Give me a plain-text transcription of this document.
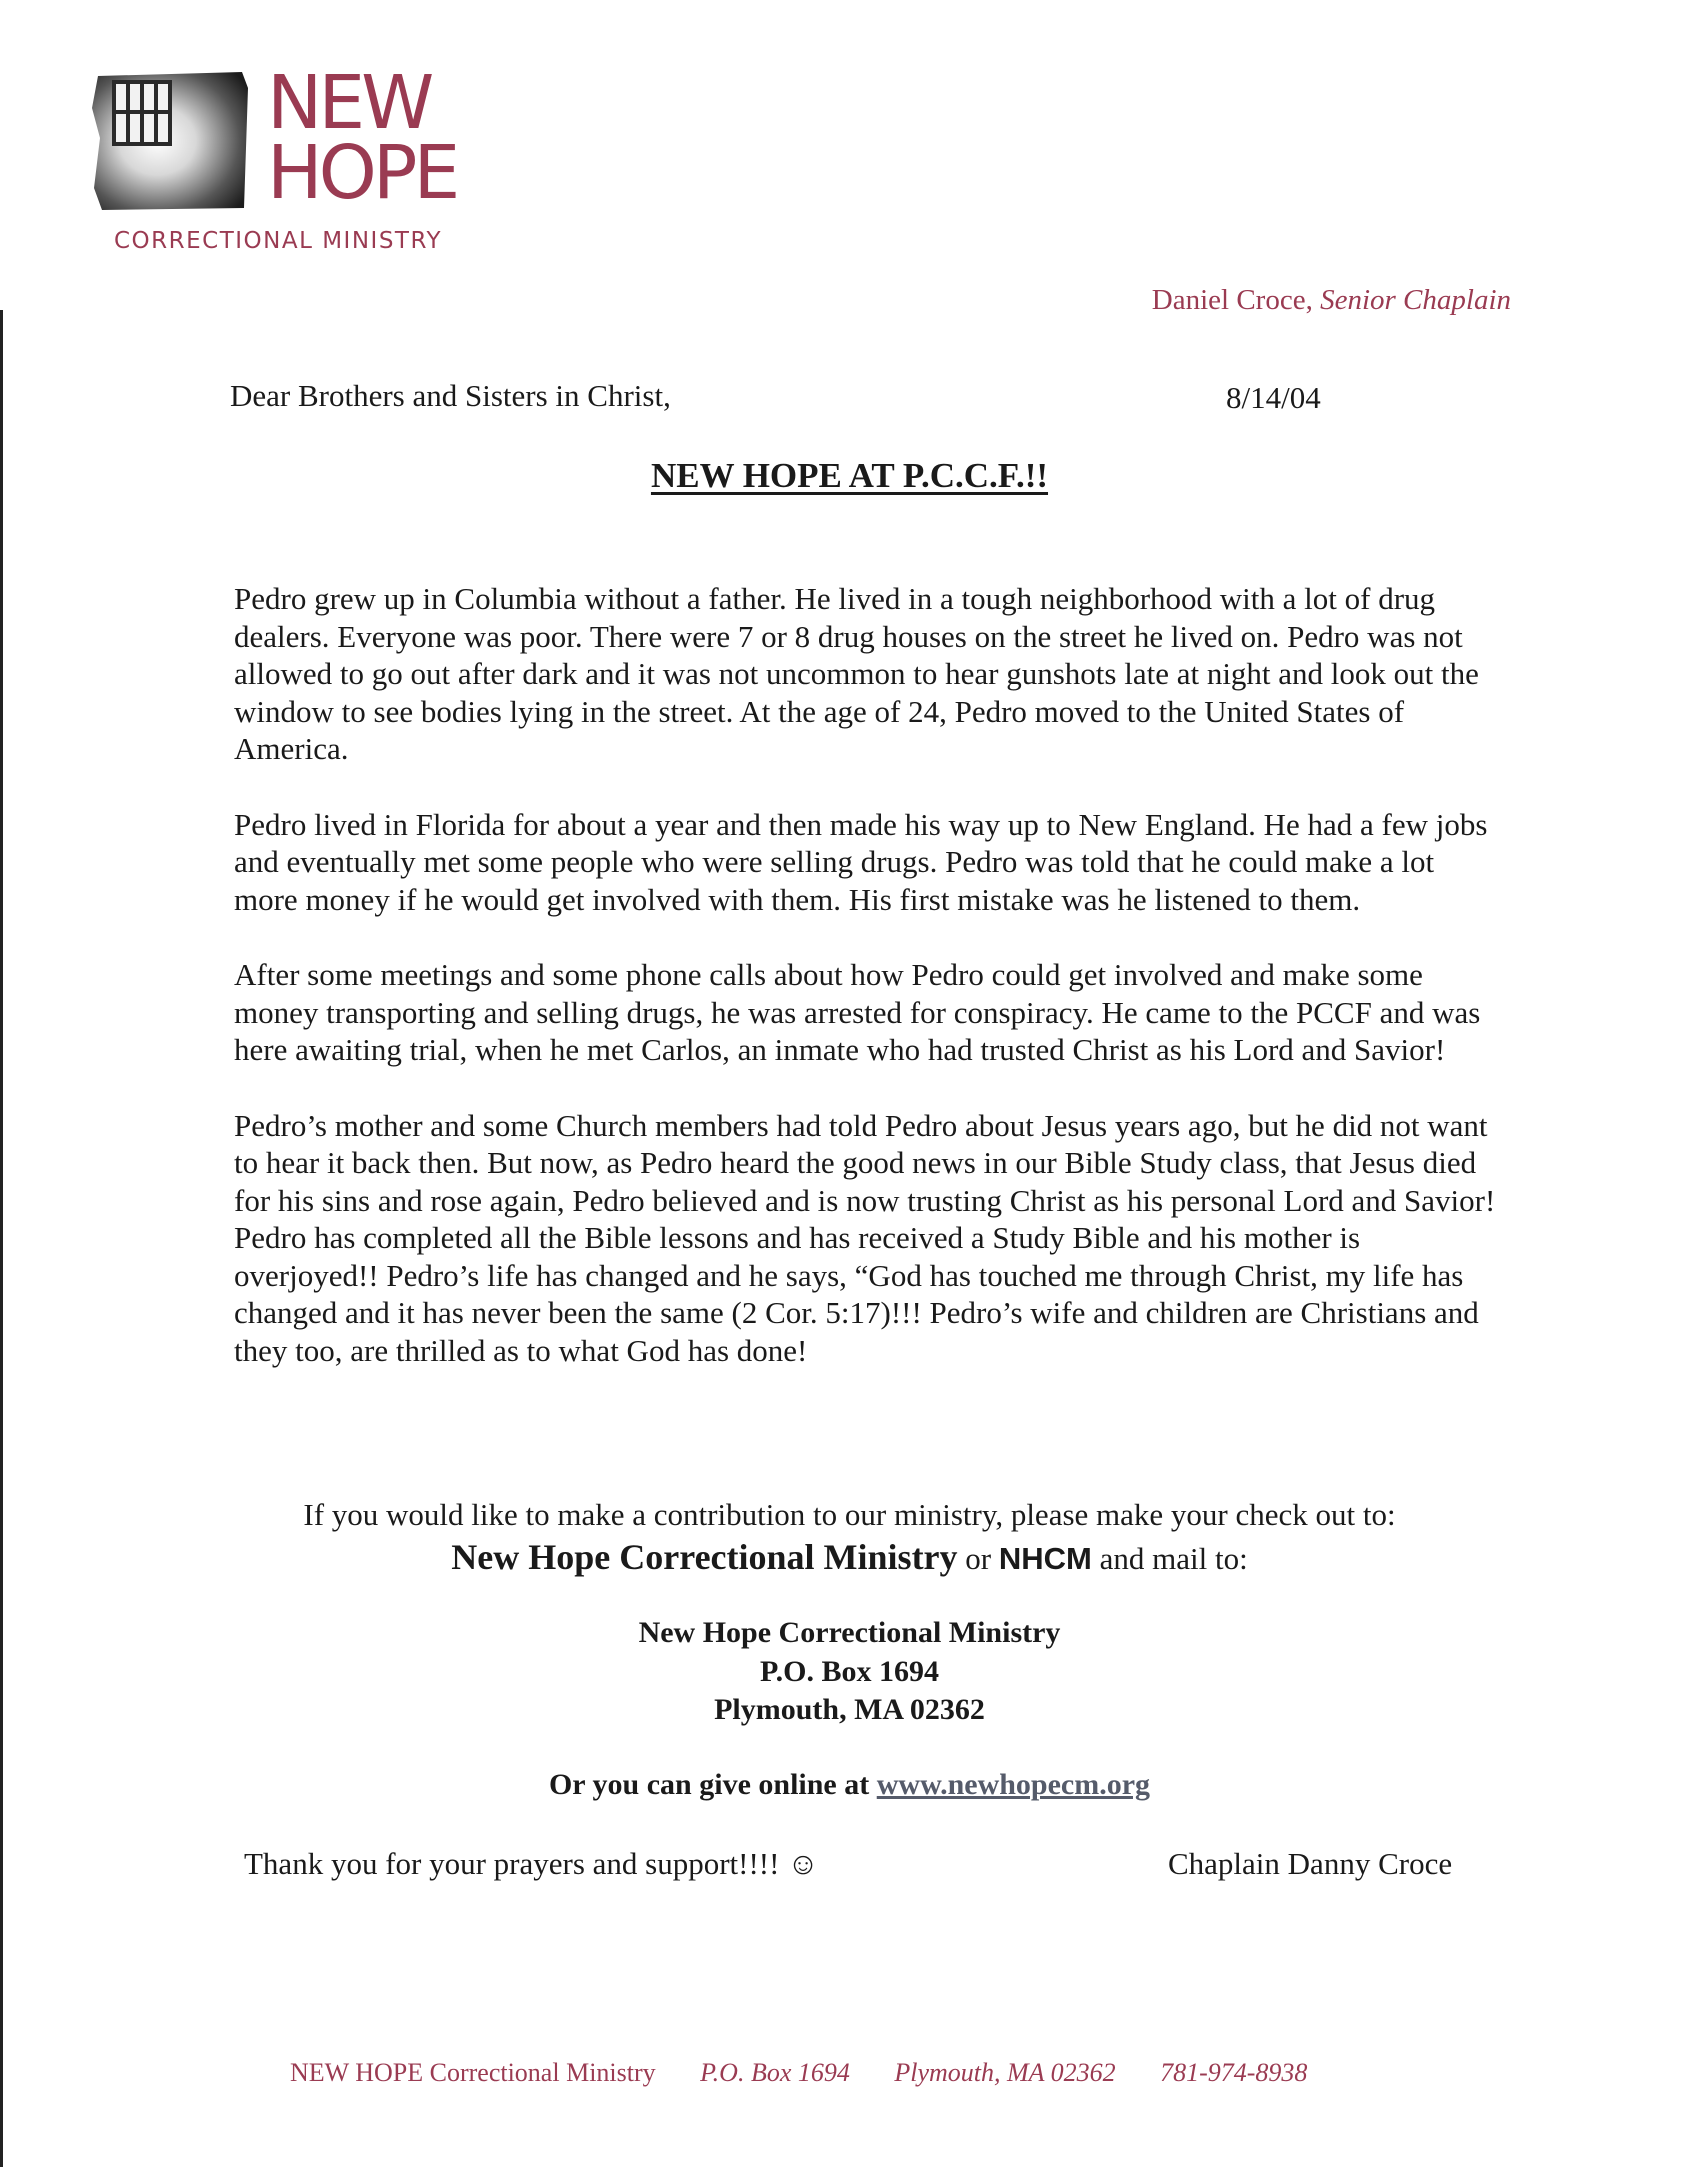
NEW
HOPE
CORRECTIONAL MINISTRY
Daniel Croce, Senior Chaplain
Dear Brothers and Sisters in Christ,	8/14/04
NEW HOPE AT P.C.C.F.!!

Pedro grew up in Columbia without a father. He lived in a tough neighborhood with a lot of drug dealers. Everyone was poor. There were 7 or 8 drug houses on the street he lived on. Pedro was not allowed to go out after dark and it was not uncommon to hear gunshots late at night and look out the window to see bodies lying in the street. At the age of 24, Pedro moved to the United States of America.

Pedro lived in Florida for about a year and then made his way up to New England. He had a few jobs and eventually met some people who were selling drugs. Pedro was told that he could make a lot more money if he would get involved with them. His first mistake was he listened to them.

After some meetings and some phone calls about how Pedro could get involved and make some money transporting and selling drugs, he was arrested for conspiracy. He came to the PCCF and was here awaiting trial, when he met Carlos, an inmate who had trusted Christ as his Lord and Savior!

Pedro’s mother and some Church members had told Pedro about Jesus years ago, but he did not want to hear it back then. But now, as Pedro heard the good news in our Bible Study class, that Jesus died for his sins and rose again, Pedro believed and is now trusting Christ as his personal Lord and Savior! Pedro has completed all the Bible lessons and has received a Study Bible and his mother is overjoyed!! Pedro’s life has changed and he says, “God has touched me through Christ, my life has changed and it has never been the same (2 Cor. 5:17)!!! Pedro’s wife and children are Christians and they too, are thrilled as to what God has done!

If you would like to make a contribution to our ministry, please make your check out to:
New Hope Correctional Ministry or NHCM and mail to:
New Hope Correctional Ministry
P.O. Box 1694
Plymouth, MA 02362
Or you can give online at www.newhopecm.org
Thank you for your prayers and support!!!! ☺	Chaplain Danny Croce
NEW HOPE Correctional Ministry P.O. Box 1694 Plymouth, MA 02362 781-974-8938
